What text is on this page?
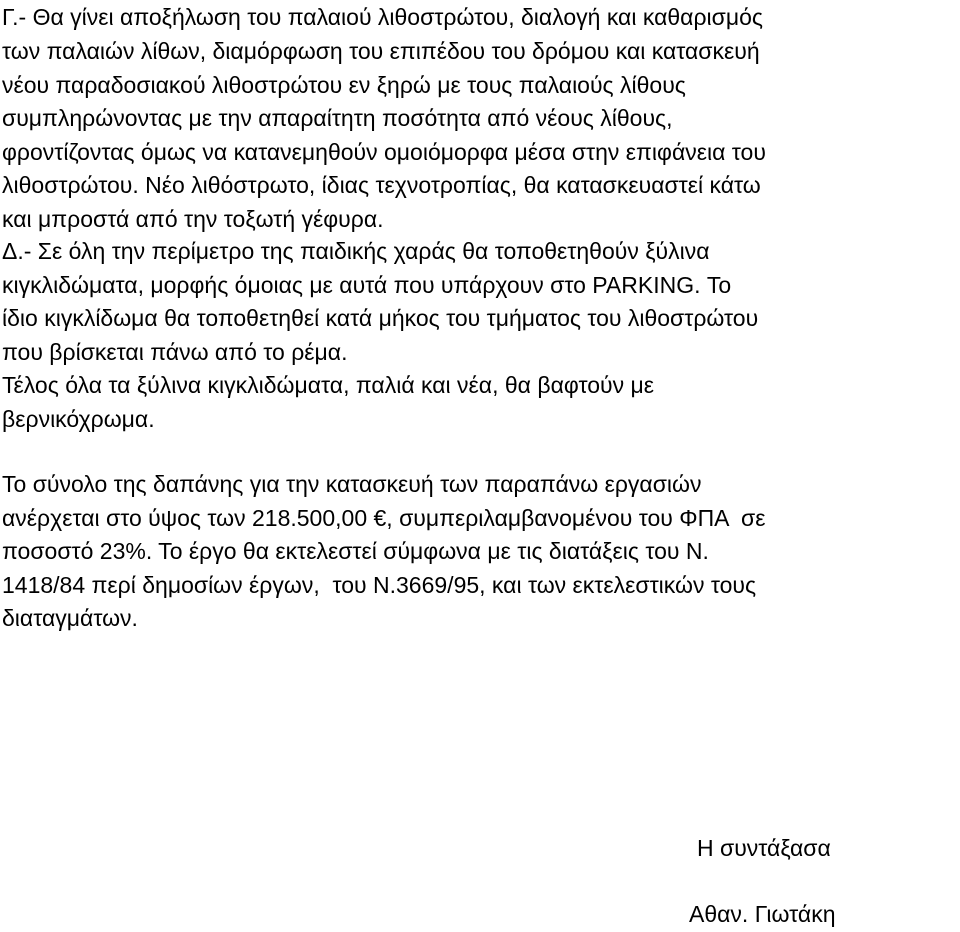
Γ.- Θα γίνει αποξήλωση του παλαιού λιθοστρώτου, διαλογή και καθαρισμός
των παλαιών λίθων, διαμόρφωση του επιπέδου του δρόμου και κατασκευή
νέου παραδοσιακού λιθοστρώτου εν ξηρώ με τους παλαιούς λίθους
συμπληρώνοντας με την απαραίτητη ποσότητα από νέους λίθους,
φροντίζοντας όμως να κατανεμηθούν ομοιόμορφα μέσα στην επιφάνεια του
λιθοστρώτου. Νέο λιθόστρωτο, ίδιας τεχνοτροπίας, θα κατασκευαστεί κάτω
και μπροστά από την τοξωτή γέφυρα.
Δ.- Σε όλη την περίμετρο της παιδικής χαράς θα τοποθετηθούν ξύλινα
κιγκλιδώματα, μορφής όμοιας με αυτά που υπάρχουν στο PARKING. Το
ίδιο κιγκλίδωμα θα τοποθετηθεί κατά μήκος του τμήματος του λιθοστρώτου
που βρίσκεται πάνω από το ρέμα.
Τέλος όλα τα ξύλινα κιγκλιδώματα, παλιά και νέα, θα βαφτούν με
βερνικόχρωμα.
Το σύνολο της δαπάνης για την κατασκευή των παραπάνω εργασιών
ανέρχεται στο ύψος των 218.500,00 €, συμπεριλαμβανομένου του ΦΠΑ  σε
ποσοστό 23%. Το έργο θα εκτελεστεί σύμφωνα με τις διατάξεις του Ν.
1418/84 περί δημοσίων έργων,  του Ν.3669/95, και των εκτελεστικών τους
διαταγμάτων.
Η συντάξασα
Αθαν. Γιωτάκη
